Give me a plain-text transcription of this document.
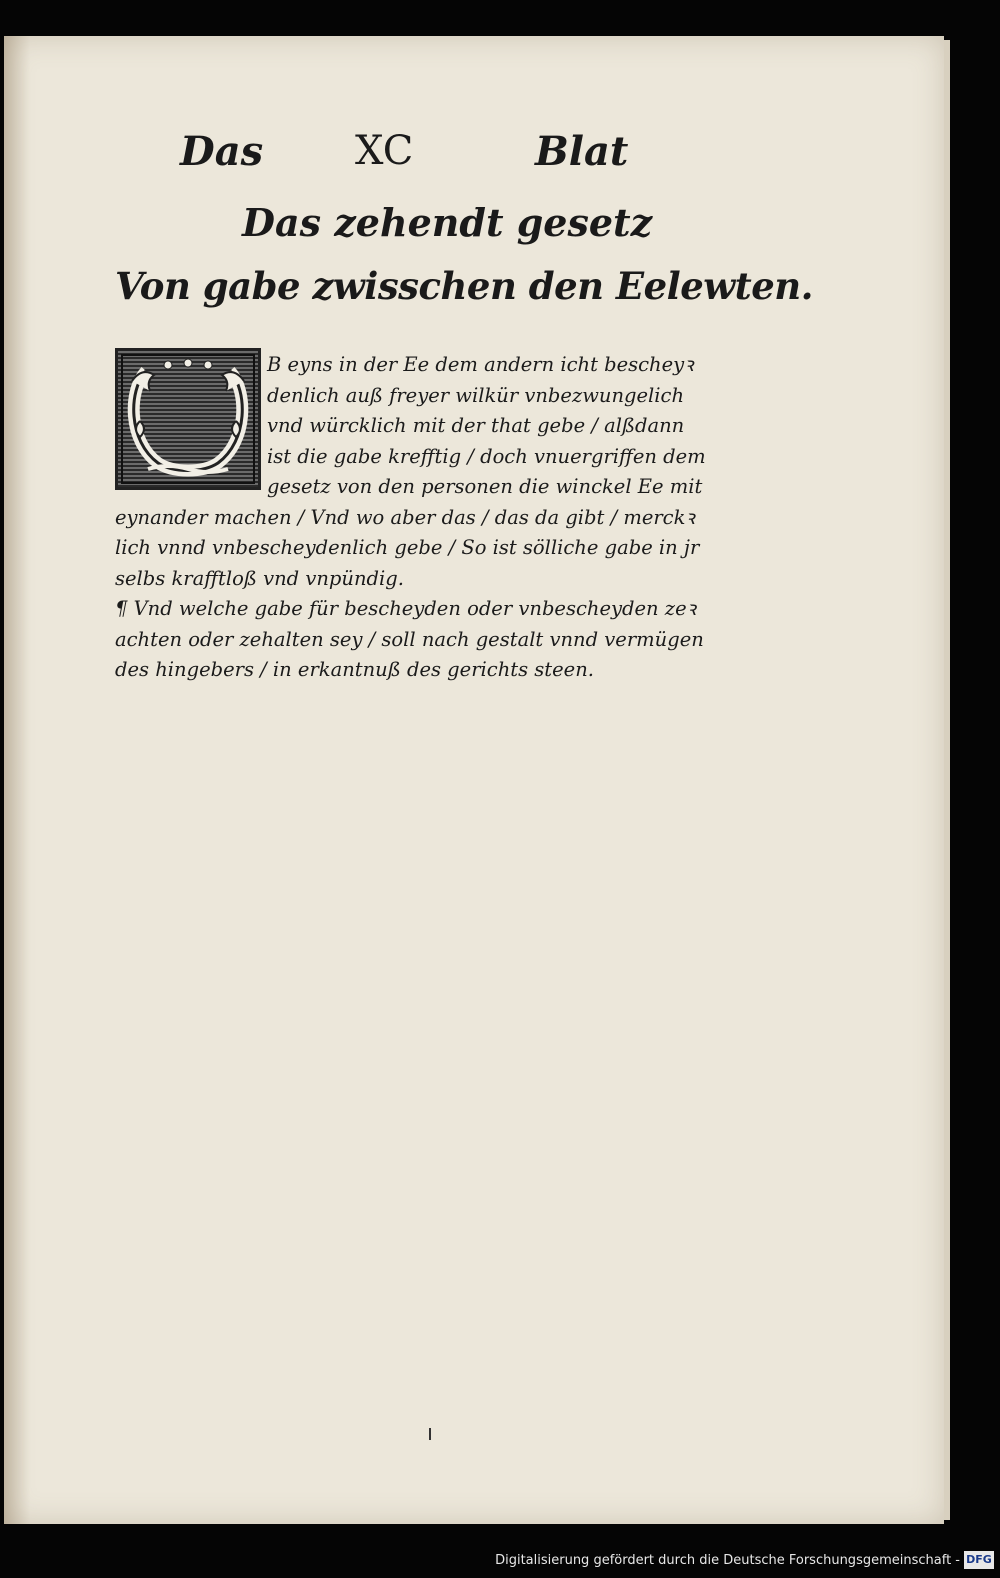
Das XC	Blat
Das zehendt gesetz
Von gabe zwisschen den Eelewten.
B eyns in der Ee dem andern icht bescheyꝛ
denlich auß freyer wilkür vnbezwungelich
vnd würcklich mit der that gebe / alßdann
ist die gabe krefftig / doch vnuergriffen dem
gesetz von den personen die winckel Ee mit
eynander machen / Vnd wo aber das / das da gibt / merckꝛ
lich vnnd vnbescheydenlich gebe / So ist sölliche gabe in jr
selbs krafftloß vnd vnpündig.
¶ Vnd welche gabe für bescheyden oder vnbescheyden zeꝛ
achten oder zehalten sey / soll nach gestalt vnnd vermügen
des hingebers / in erkantnuß des gerichts steen.
Digitalisierung gefördert durch die Deutsche Forschungsgemeinschaft - DFG
